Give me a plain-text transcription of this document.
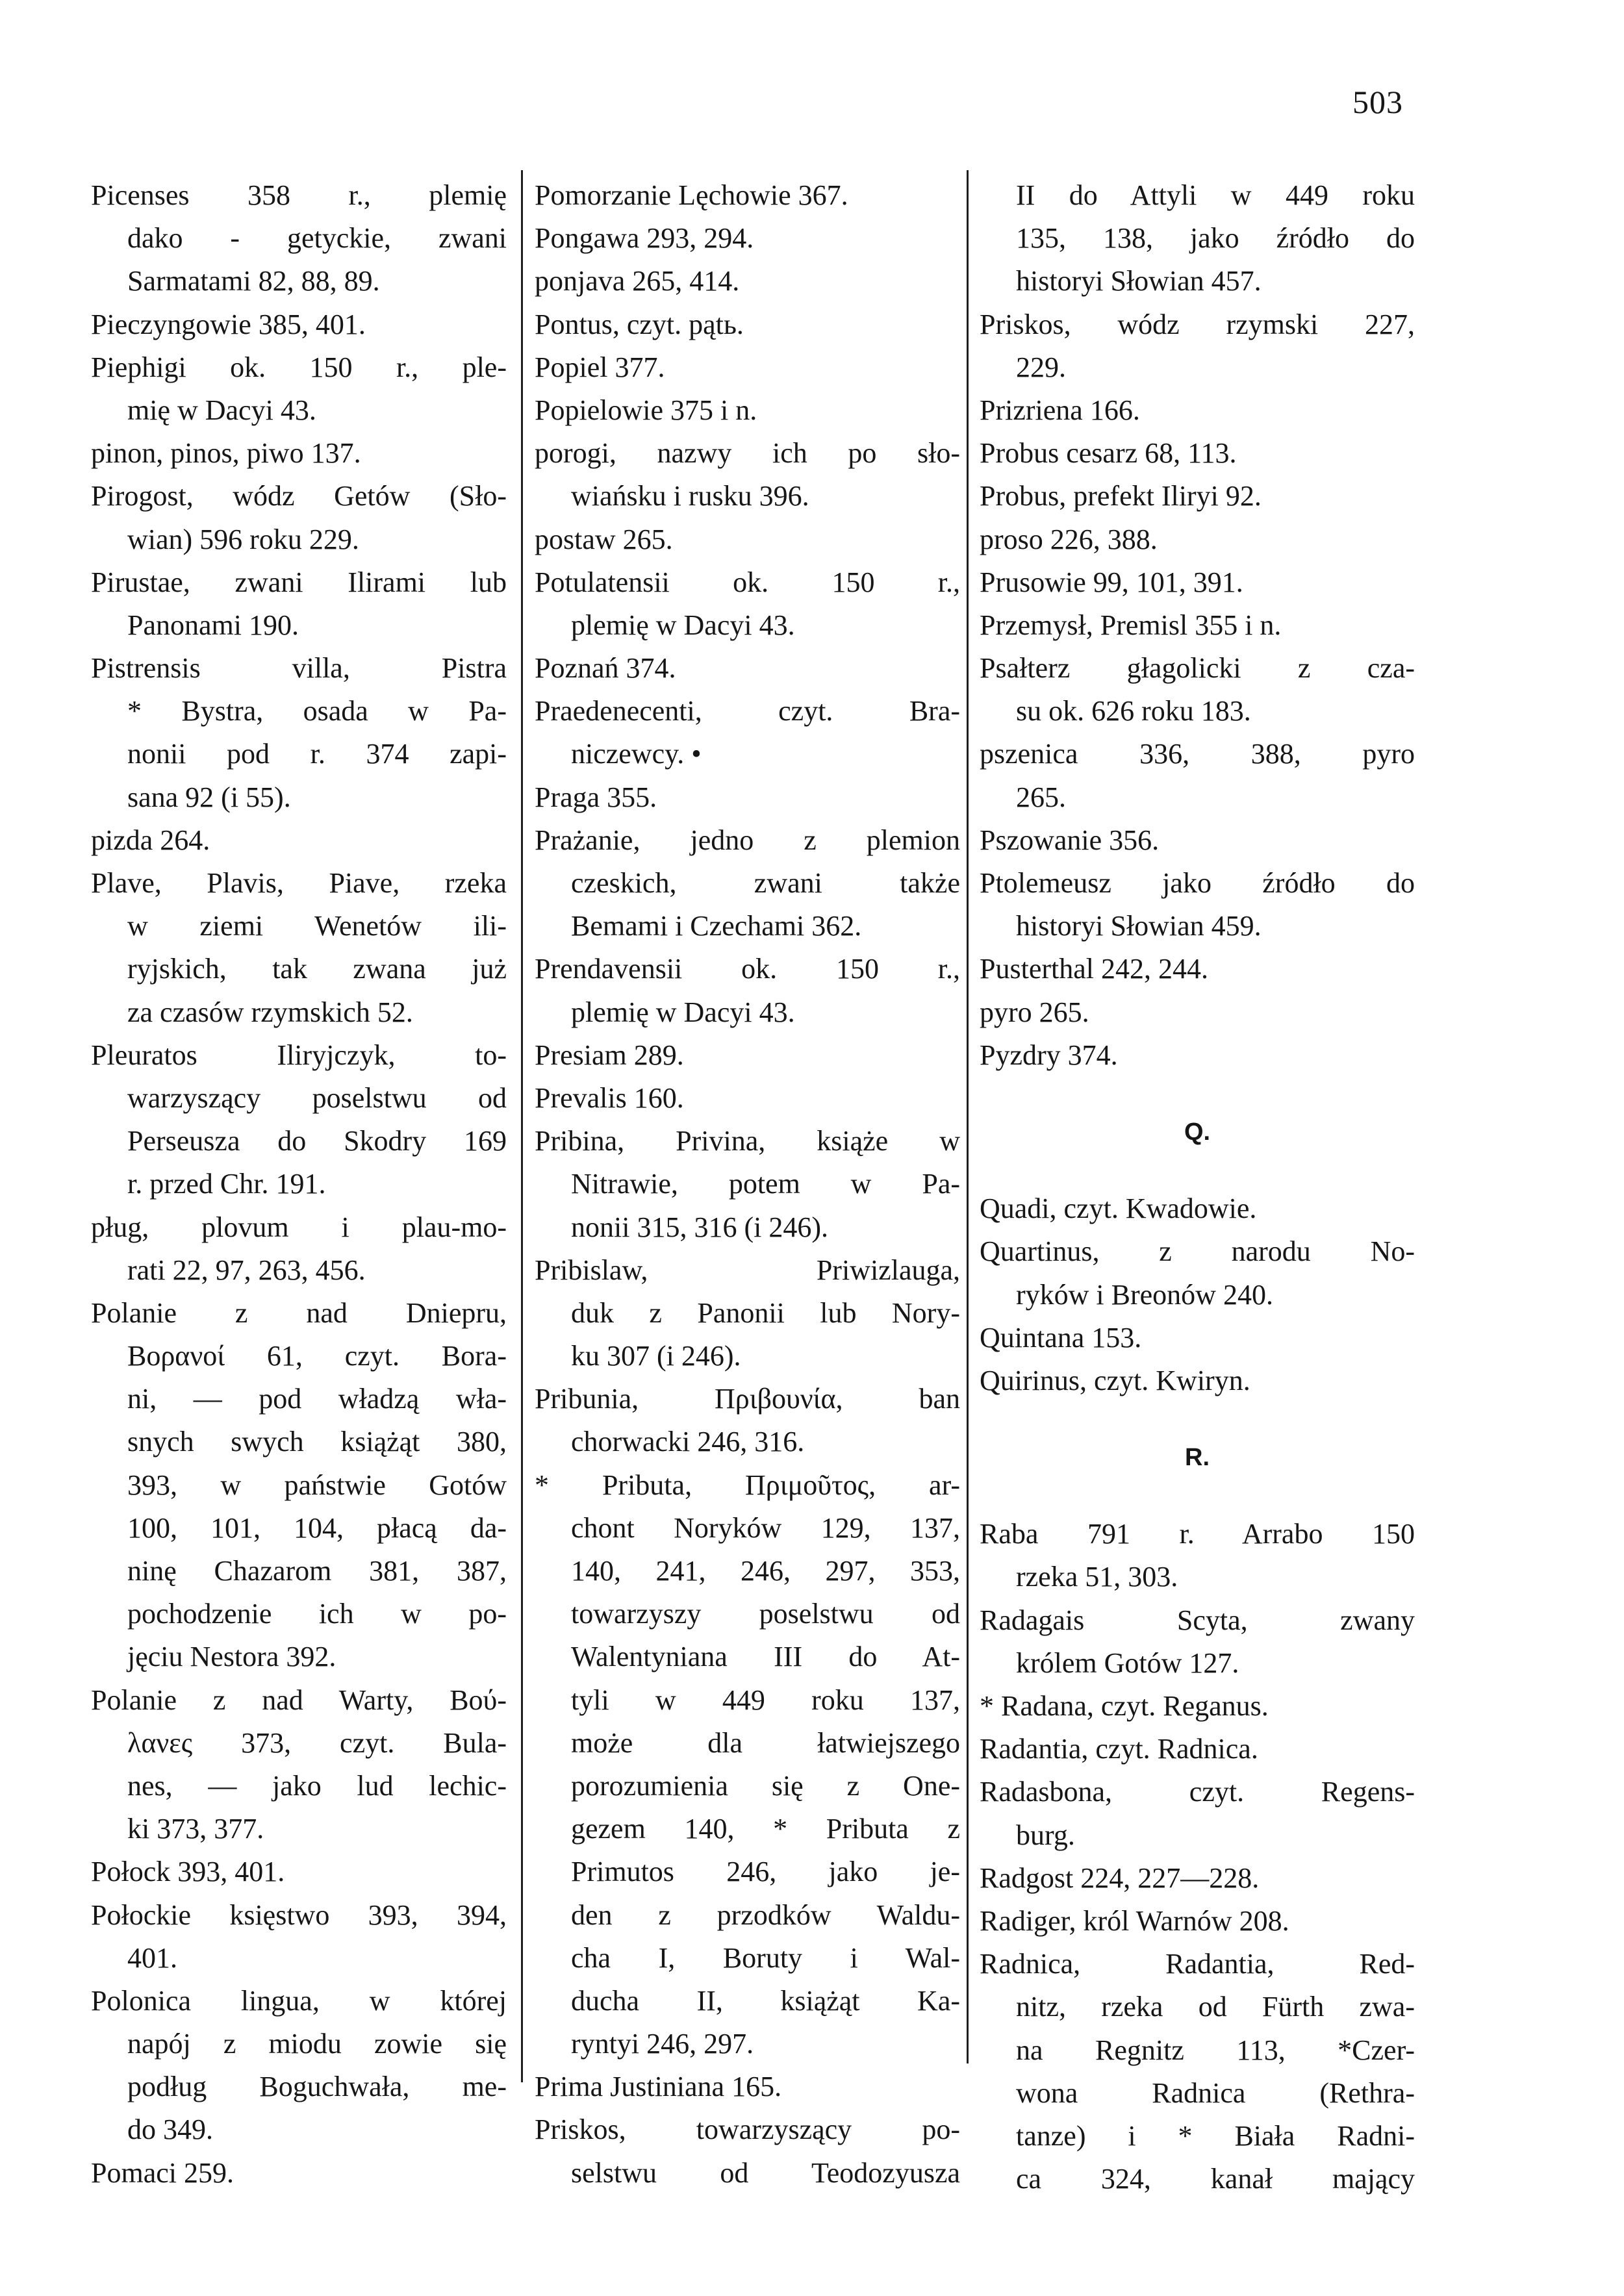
503
Picenses 358 r., plemię
dako - getyckie, zwani
Sarmatami 82, 88, 89.
Pieczyngowie 385, 401.
Piephigi ok. 150 r., ple-
mię w Dacyi 43.
pinon, pinos, piwo 137.
Pirogost, wódz Getów (Sło-
wian) 596 roku 229.
Pirustae, zwani Ilirami lub
Panonami 190.
Pistrensis villa, Pistra
* Bystra, osada w Pa-
nonii pod r. 374 zapi-
sana 92 (i 55).
pizda 264.
Plave, Plavis, Piave, rzeka
w ziemi Wenetów ili-
ryjskich, tak zwana już
za czasów rzymskich 52.
Pleuratos Iliryjczyk, to-
warzyszący poselstwu od
Perseusza do Skodry 169
r. przed Chr. 191.
pług, plovum i plau-mo-
rati 22, 97, 263, 456.
Polanie z nad Dniepru,
Βορανοί 61, czyt. Bora-
ni, — pod władzą wła-
snych swych książąt 380,
393, w państwie Gotów
100, 101, 104, płacą da-
ninę Chazarom 381, 387,
pochodzenie ich w po-
jęciu Nestora 392.
Polanie z nad Warty, Βού-
λανες 373, czyt. Bula-
nes, — jako lud lechic-
ki 373, 377.
Połock 393, 401.
Połockie księstwo 393, 394,
401.
Polonica lingua, w której
napój z miodu zowie się
podług Boguchwała, me-
do 349.
Pomaci 259.
Pomorzanie Lęchowie 367.
Pongawa 293, 294.
ponjava 265, 414.
Pontus, czyt. pątь.
Popiel 377.
Popielowie 375 i n.
porogi, nazwy ich po sło-
wiańsku i rusku 396.
postaw 265.
Potulatensii ok. 150 r.,
plemię w Dacyi 43.
Poznań 374.
Praedenecenti, czyt. Bra-
niczewcy. •
Praga 355.
Prażanie, jedno z plemion
czeskich, zwani także
Bemami i Czechami 362.
Prendavensii ok. 150 r.,
plemię w Dacyi 43.
Presiam 289.
Prevalis 160.
Pribina, Privina, książe w
Nitrawie, potem w Pa-
nonii 315, 316 (i 246).
Pribislaw, Priwizlauga,
duk z Panonii lub Nory-
ku 307 (i 246).
Pribunia, Πριβουνία, ban
chorwacki 246, 316.
* Pributa, Πριμοῦτος, ar-
chont Noryków 129, 137,
140, 241, 246, 297, 353,
towarzyszy poselstwu od
Walentyniana III do At-
tyli w 449 roku 137,
może dla łatwiejszego
porozumienia się z One-
gezem 140, * Pributa z
Primutos 246, jako je-
den z przodków Waldu-
cha I, Boruty i Wal-
ducha II, książąt Ka-
ryntyi 246, 297.
Prima Justiniana 165.
Priskos, towarzyszący po-
selstwu od Teodozyusza
II do Attyli w 449 roku
135, 138, jako źródło do
historyi Słowian 457.
Priskos, wódz rzymski 227,
229.
Prizriena 166.
Probus cesarz 68, 113.
Probus, prefekt Iliryi 92.
proso 226, 388.
Prusowie 99, 101, 391.
Przemysł, Premisl 355 i n.
Psałterz głagolicki z cza-
su ok. 626 roku 183.
pszenica 336, 388, pyro
265.
Pszowanie 356.
Ptolemeusz jako źródło do
historyi Słowian 459.
Pusterthal 242, 244.
pyro 265.
Pyzdry 374.
Q.
Quadi, czyt. Kwadowie.
Quartinus, z narodu No-
ryków i Breonów 240.
Quintana 153.
Quirinus, czyt. Kwiryn.
R.
Raba 791 r. Arrabo 150
rzeka 51, 303.
Radagais Scyta, zwany
królem Gotów 127.
* Radana, czyt. Reganus.
Radantia, czyt. Radnica.
Radasbona, czyt. Regens-
burg.
Radgost 224, 227—228.
Radiger, król Warnów 208.
Radnica, Radantia, Red-
nitz, rzeka od Fürth zwa-
na Regnitz 113, *Czer-
wona Radnica (Rethra-
tanze) i * Biała Radni-
ca 324, kanał mający
